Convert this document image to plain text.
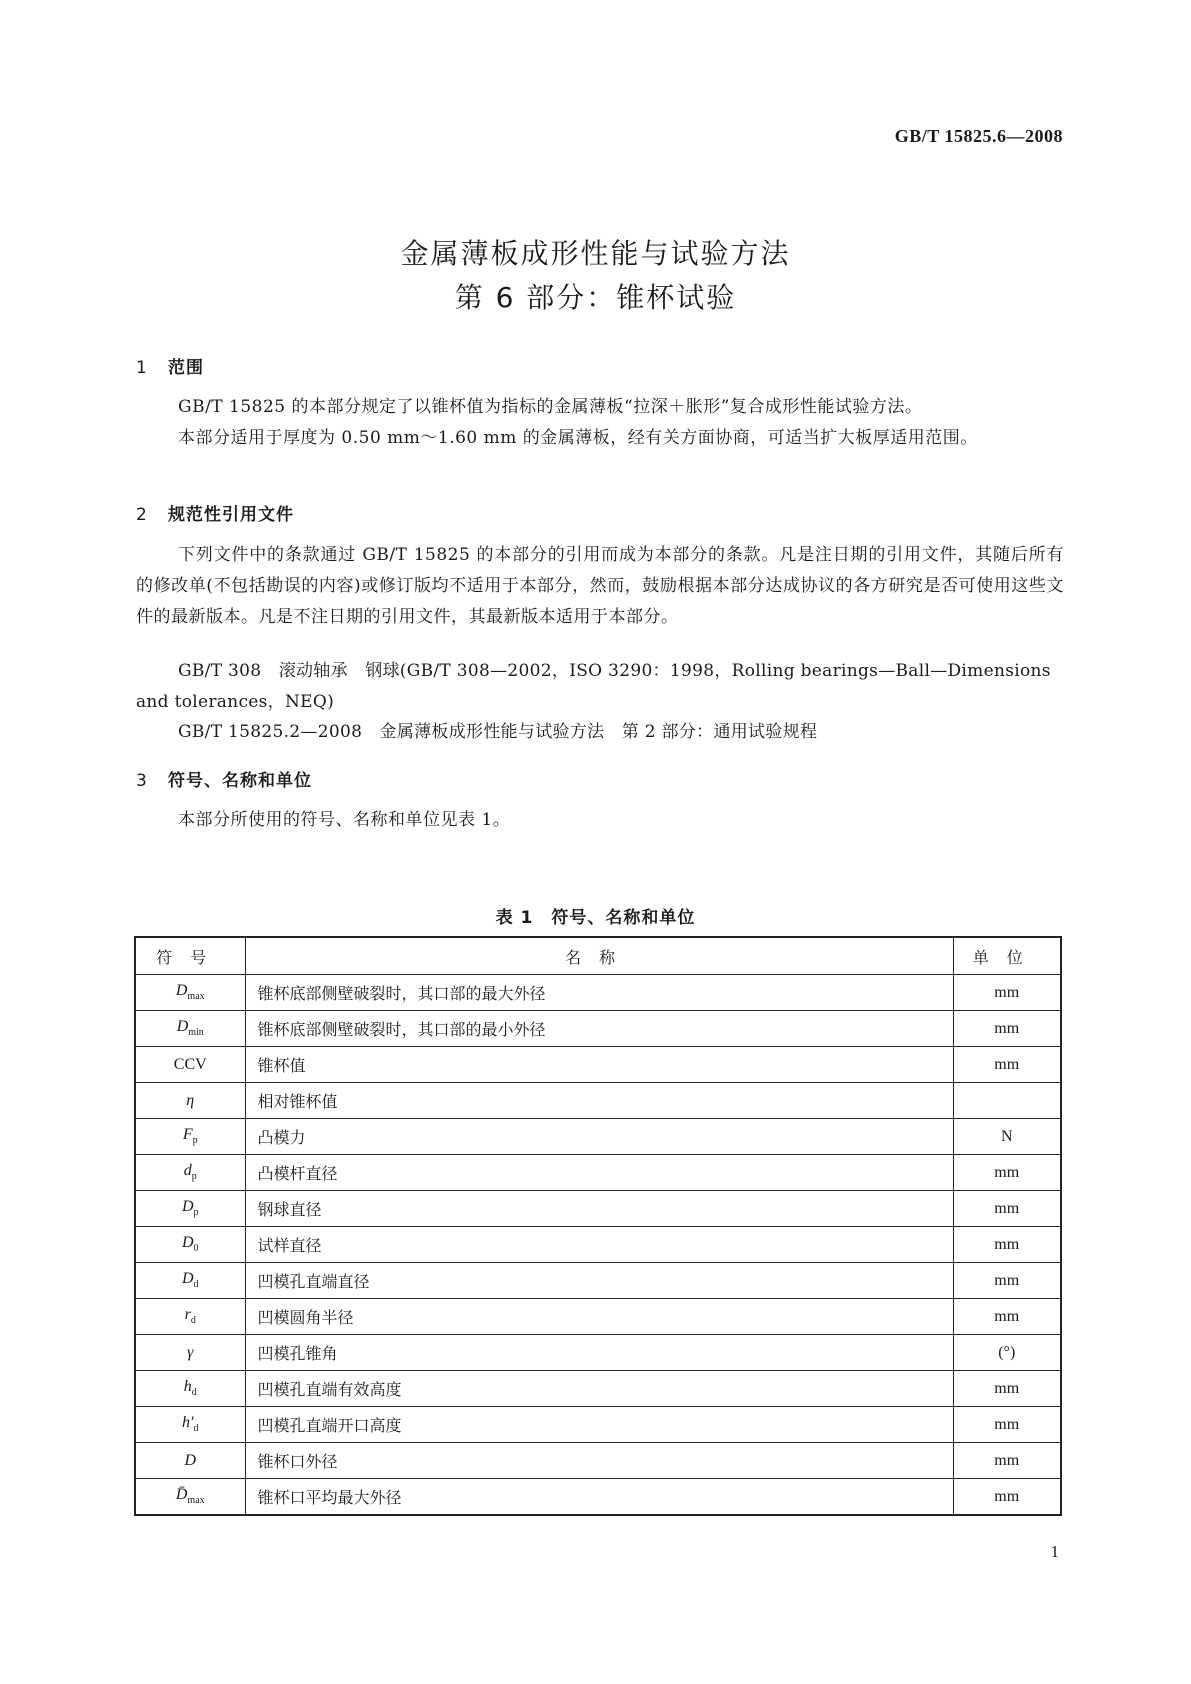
GB/T 15825.6—2008
金属薄板成形性能与试验方法
第 6 部分：锥杯试验
1 范围
GB/T 15825 的本部分规定了以锥杯值为指标的金属薄板“拉深＋胀形”复合成形性能试验方法。
本部分适用于厚度为 0.50 mm～1.60 mm 的金属薄板，经有关方面协商，可适当扩大板厚适用范围。
2 规范性引用文件
下列文件中的条款通过 GB/T 15825 的本部分的引用而成为本部分的条款。凡是注日期的引用文件，其随后所有的修改单(不包括勘误的内容)或修订版均不适用于本部分，然而，鼓励根据本部分达成协议的各方研究是否可使用这些文件的最新版本。凡是不注日期的引用文件，其最新版本适用于本部分。
GB/T 308　 滚动轴承　钢球(GB/T 308—2002，ISO 3290：1998，Rolling bearings—Ball—Dimensions and tolerances，NEQ)
GB/T 15825.2—2008　 金属薄板成形性能与试验方法　第 2 部分：通用试验规程
3 符号、名称和单位
本部分所使用的符号、名称和单位见表 1。
表 1　符号、名称和单位
符号	名称	单位
$D_{max}$	锥杯底部侧壁破裂时，其口部的最大外径	mm
$D_{min}$	锥杯底部侧壁破裂时，其口部的最小外径	mm
CCV	锥杯值	mm
η	相对锥杯值	
$F_p$	凸模力	N
$d_p$	凸模杆直径	mm
$D_p$	钢球直径	mm
$D_0$	试样直径	mm
$D_d$	凹模孔直端直径	mm
$r_d$	凹模圆角半径	mm
γ	凹模孔锥角	(°)
$h_d$	凹模孔直端有效高度	mm
$h'_d$	凹模孔直端开口高度	mm
D	锥杯口外径	mm
$D̄_{max}$	锥杯口平均最大外径	mm
1
